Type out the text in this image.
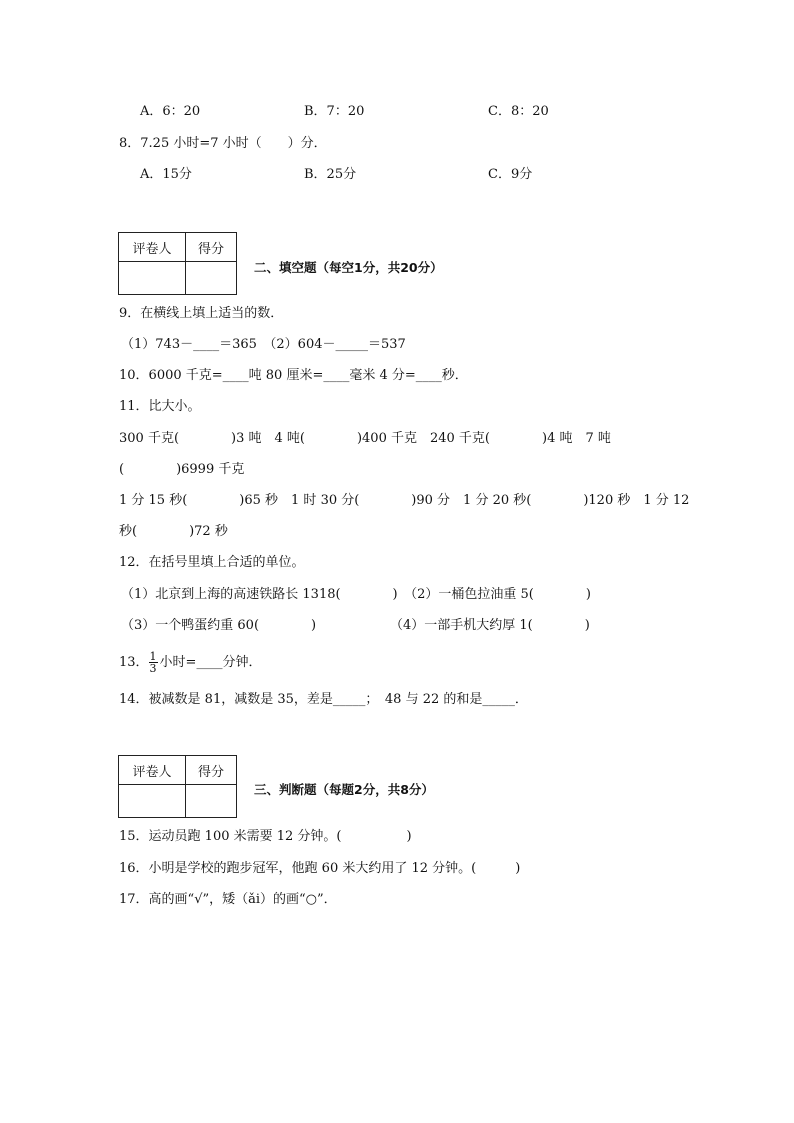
A．6：20	B．7：20	C．8：20
8．7.25 小时=7 小时（　　）分．
A．15分	B．25分	C．9分
评卷人	得分

二、填空题（每空1分，共20分）
9．在横线上填上适当的数．
（1）743－____＝365　（2）604－_____＝537
10．6000 千克=____吨 80 厘米=____毫米 4 分=____秒．
11．比大小。
300 千克(　　　　)3 吨　4 吨(　　　　)400 千克　240 千克(　　　　)4 吨　7 吨
(　　　　)6999 千克
1 分 15 秒(　　　　)65 秒　1 时 30 分(　　　　)90 分　1 分 20 秒(　　　　)120 秒　1 分 12
秒(　　　　)72 秒
12．在括号里填上合适的单位。
（1）北京到上海的高速铁路长 1318(　　　　)　（2）一桶色拉油重 5(　　　　)
（3）一个鸭蛋约重 60(　　　　)	（4）一部手机大约厚 1(　　　　)
13． $\frac{1}{3}$ 小时=____分钟．
14．被减数是 81，减数是 35，差是_____；　48 与 22 的和是_____．
评卷人	得分

三、判断题（每题2分，共8分）
15．运动员跑 100 米需要 12 分钟。(　　　　　)
16．小明是学校的跑步冠军，他跑 60 米大约用了 12 分钟。(　　　)
17．高的画“√”，矮（ǎi）的画“○”．
